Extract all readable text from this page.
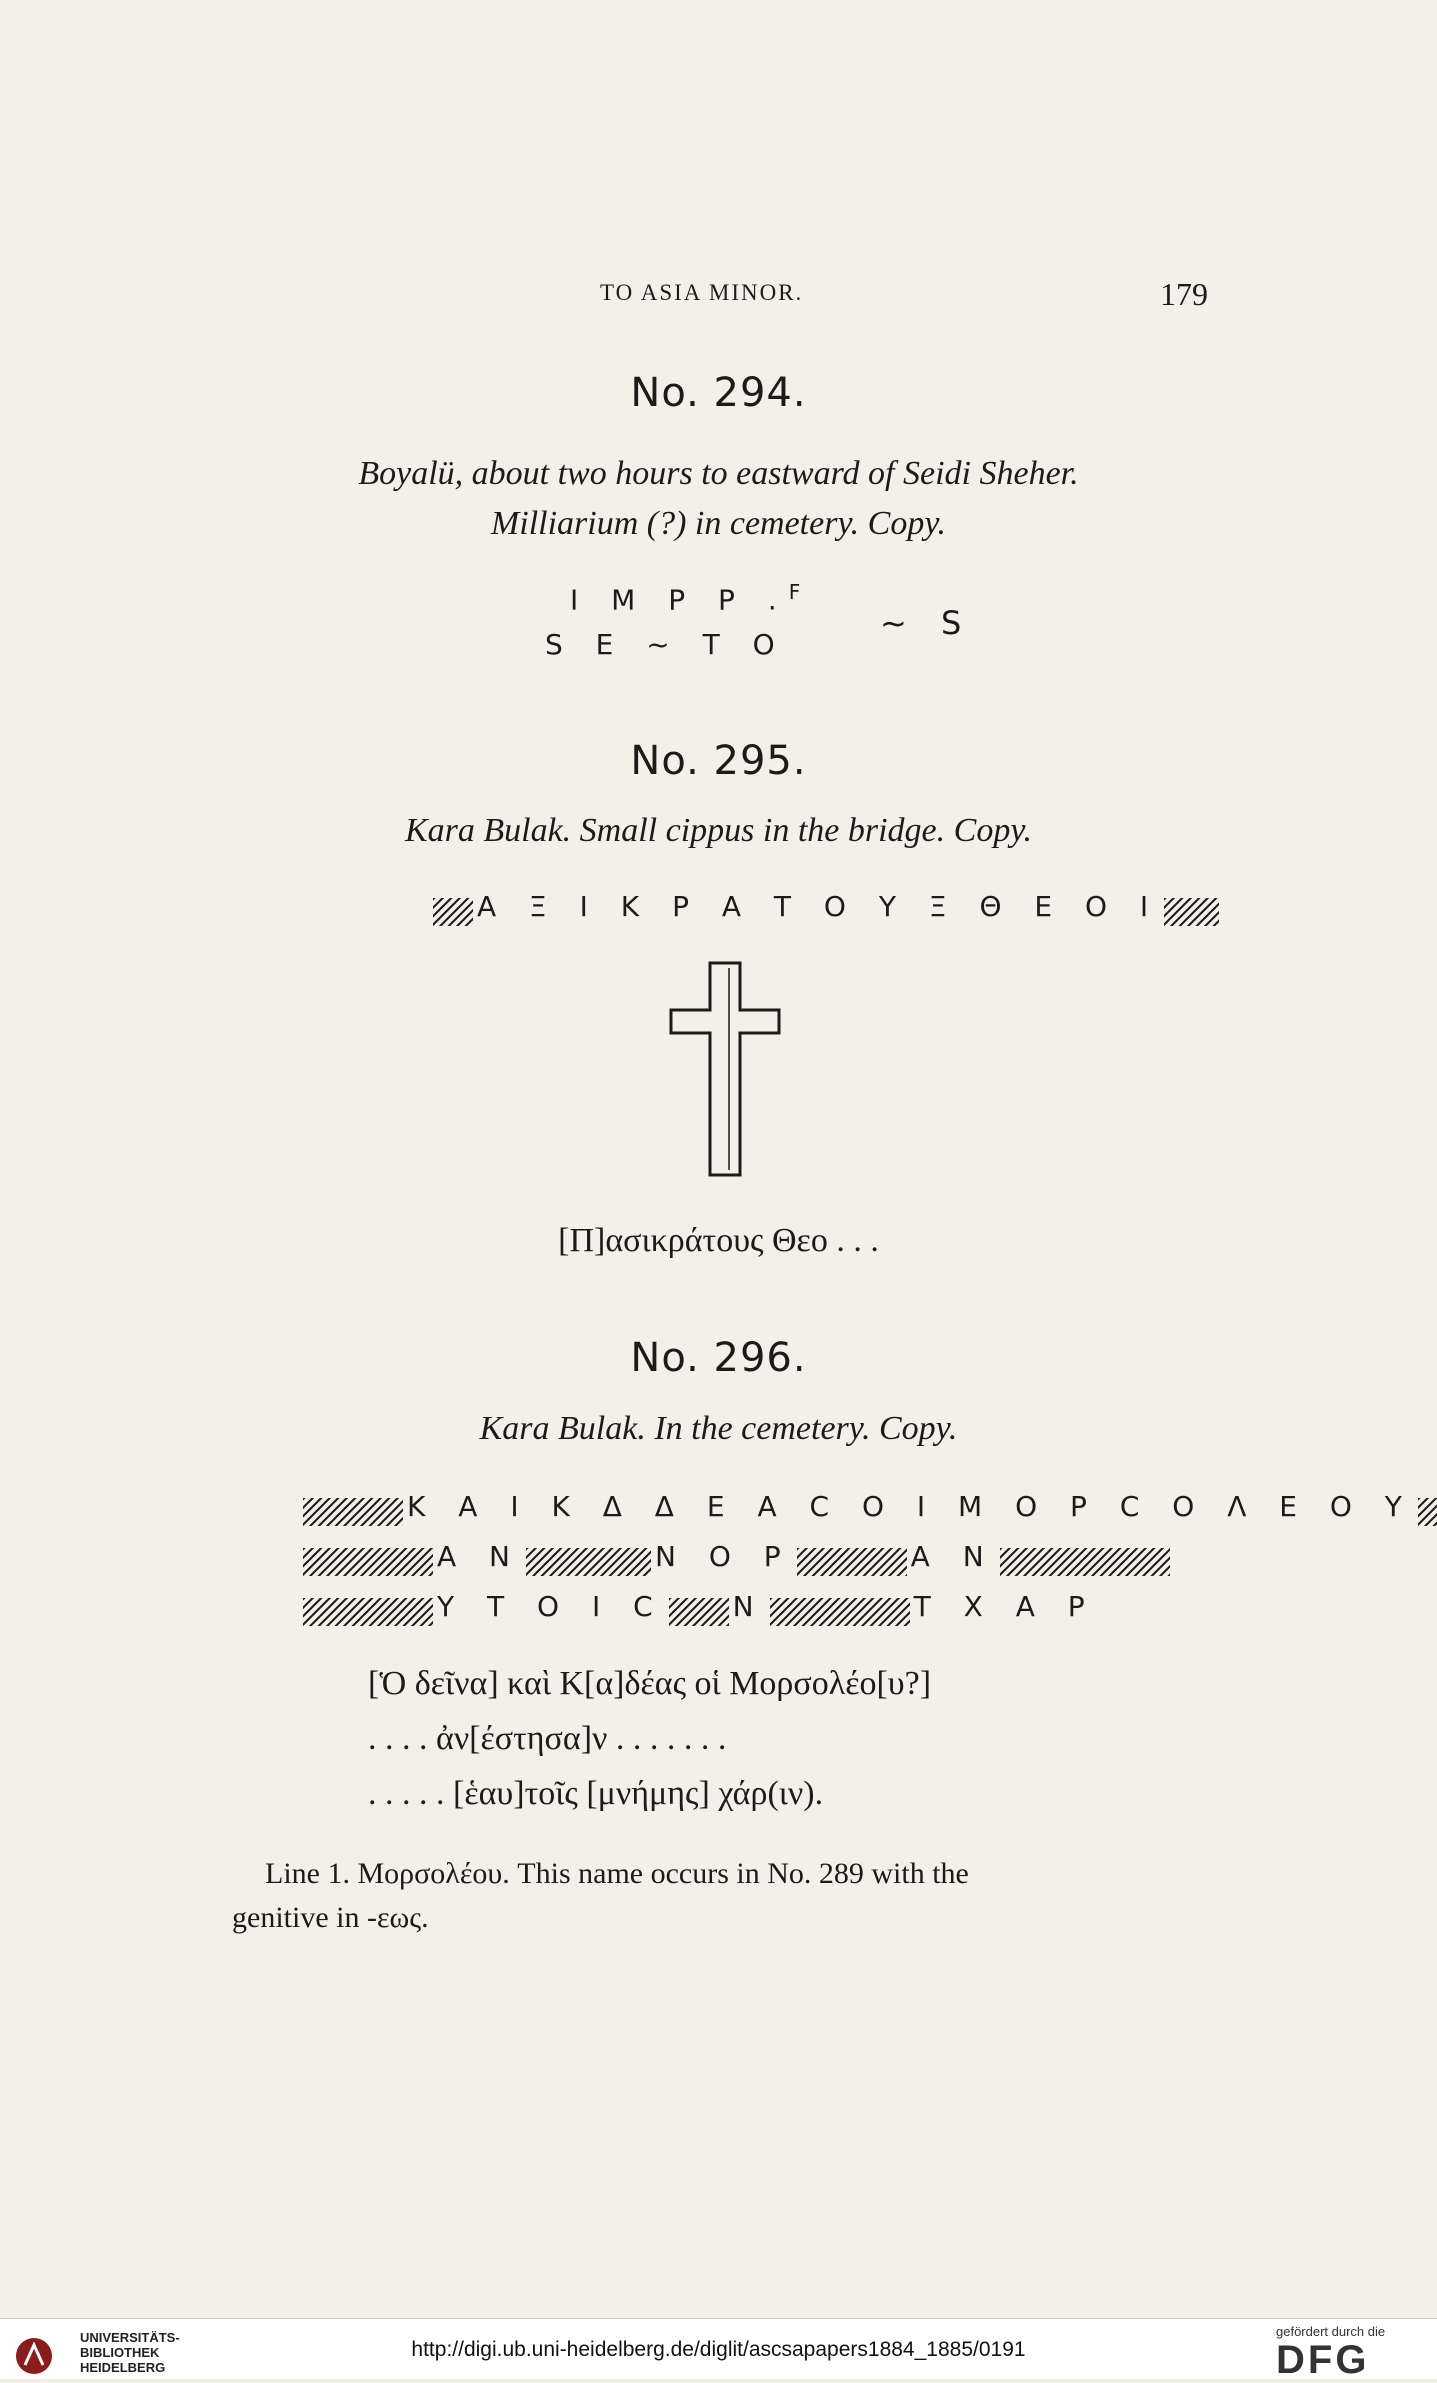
TO ASIA MINOR.	179
No. 294.
Boyalü, about two hours to eastward of Seidi Sheher.
Milliarium (?) in cemetery. Copy.
I M P P .$^F$
S E ~ T O
~ S
No. 295.
Kara Bulak. Small cippus in the bridge. Copy.
Α Ξ Ι Κ Ρ Α Τ Ο Υ Ξ Θ Ε Ο Ι
[Π]ασικράτους Θεο . . .
No. 296.
Kara Bulak. In the cemetery. Copy.
Κ Α Ι Κ Δ Δ Ε Α Ϲ Ο Ι Μ Ο Ρ Ϲ Ο Λ Ε Ο Υ
Α Ν	Ν Ο Ρ	Α Ν
Υ Τ Ο Ι Ϲ Ν	Τ Χ Α Ρ
[Ὁ δεῖνα] καὶ Κ[α]δέας οἱ Μορσολέο[υ?]
. . . . ἀν[έστησα]ν . . . . . . .
. . . . . [ἑαυ]τοῖς [μνήμης] χάρ(ιν).
Line 1. Μορσολέου. This name occurs in No. 289 with the
genitive in -εως.
UNIVERSITÄTS-
BIBLIOTHEK
HEIDELBERG
http://digi.ub.uni-heidelberg.de/diglit/ascsapapers1884_1885/0191
gefördert durch die
DFG
